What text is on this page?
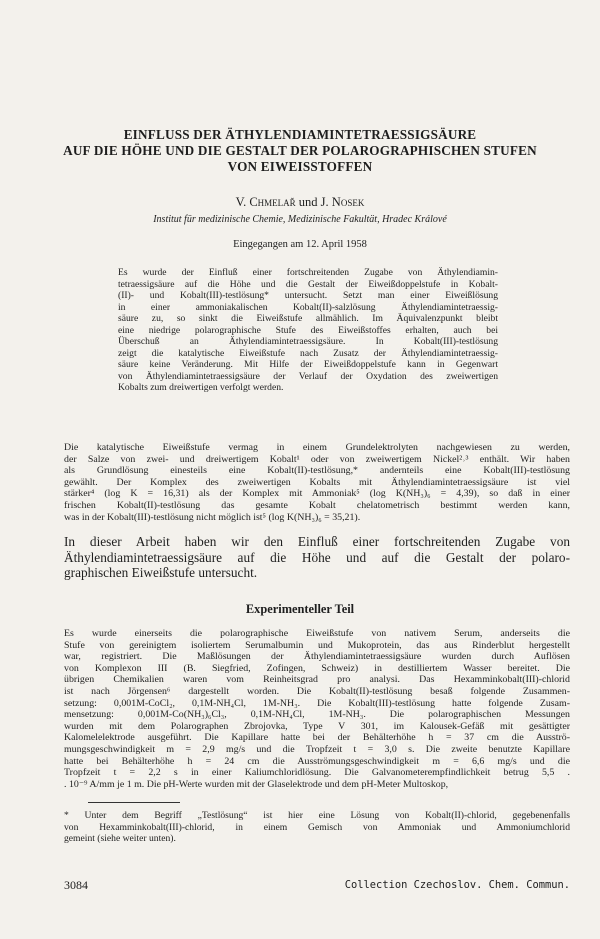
EINFLUSS DER ÄTHYLENDIAMINTETRAESSIGSÄURE
AUF DIE HÖHE UND DIE GESTALT DER POLAROGRAPHISCHEN STUFEN
VON EIWEISSTOFFEN
V. Chmelař und J. Nosek
Institut für medizinische Chemie, Medizinische Fakultät, Hradec Králové
Eingegangen am 12. April 1958
Es wurde der Einfluß einer fortschreitenden Zugabe von Äthylendiamin-
tetraessigsäure auf die Höhe und die Gestalt der Eiweißdoppelstufe in Kobalt-
(II)- und Kobalt(III)-testlösung* untersucht. Setzt man einer Eiweißlösung
in einer ammoniakalischen Kobalt(II)-salzlösung Äthylendiamintetraessig-
säure zu, so sinkt die Eiweißstufe allmählich. Im Äquivalenzpunkt bleibt
eine niedrige polarographische Stufe des Eiweißstoffes erhalten, auch bei
Überschuß an Äthylendiamintetraessigsäure. In Kobalt(III)-testlösung
zeigt die katalytische Eiweißstufe nach Zusatz der Äthylendiamintetraessig-
säure keine Veränderung. Mit Hilfe der Eiweißdoppelstufe kann in Gegenwart
von Äthylendiamintetraessigsäure der Verlauf der Oxydation des zweiwertigen
Kobalts zum dreiwertigen verfolgt werden.
Die katalytische Eiweißstufe vermag in einem Grundelektrolyten nachgewiesen zu werden,
der Salze von zwei- und dreiwertigem Kobalt¹ oder von zweiwertigem Nickel²˒³ enthält. Wir haben
als Grundlösung einesteils eine Kobalt(II)-testlösung,* andernteils eine Kobalt(III)-testlösung
gewählt. Der Komplex des zweiwertigen Kobalts mit Äthylendiamintetraessigsäure ist viel
stärker⁴ (log K = 16,31) als der Komplex mit Ammoniak⁵ (log K(NH₃)₆ = 4,39), so daß in einer
frischen Kobalt(II)-testlösung das gesamte Kobalt chelatometrisch bestimmt werden kann,
was in der Kobalt(III)-testlösung nicht möglich ist⁵ (log K(NH₃)₆ = 35,21).
In dieser Arbeit haben wir den Einfluß einer fortschreitenden Zugabe von
Äthylendiamintetraessigsäure auf die Höhe und auf die Gestalt der polaro-
graphischen Eiweißstufe untersucht.
Experimenteller Teil
Es wurde einerseits die polarographische Eiweißstufe von nativem Serum, anderseits die
Stufe von gereinigtem isoliertem Serumalbumin und Mukoprotein, das aus Rinderblut hergestellt
war, registriert. Die Maßlösungen der Äthylendiamintetraessigsäure wurden durch Auflösen
von Komplexon III (B. Siegfried, Zofingen, Schweiz) in destilliertem Wasser bereitet. Die
übrigen Chemikalien waren vom Reinheitsgrad pro analysi. Das Hexamminkobalt(III)-chlorid
ist nach Jörgensen⁶ dargestellt worden. Die Kobalt(II)-testlösung besaß folgende Zusammen-
setzung: 0,001M-CoCl₂, 0,1M-NH₄Cl, 1M-NH₃. Die Kobalt(III)-testlösung hatte folgende Zusam-
mensetzung: 0,001M-Co(NH₃)₆Cl₃, 0,1M-NH₄Cl, 1M-NH₃. Die polarographischen Messungen
wurden mit dem Polarographen Zbrojovka, Type V 301, im Kalousek-Gefäß mit gesättigter
Kalomelelektrode ausgeführt. Die Kapillare hatte bei der Behälterhöhe h = 37 cm die Ausströ-
mungsgeschwindigkeit m = 2,9 mg/s und die Tropfzeit t = 3,0 s. Die zweite benutzte Kapillare
hatte bei Behälterhöhe h = 24 cm die Ausströmungsgeschwindigkeit m = 6,6 mg/s und die
Tropfzeit t = 2,2 s in einer Kaliumchloridlösung. Die Galvanometerempfindlichkeit betrug 5,5 .
. 10⁻⁹ A/mm je 1 m. Die pH-Werte wurden mit der Glaselektrode und dem pH-Meter Multoskop,
* Unter dem Begriff „Testlösung“ ist hier eine Lösung von Kobalt(II)-chlorid, gegebenenfalls
von Hexamminkobalt(III)-chlorid, in einem Gemisch von Ammoniak und Ammoniumchlorid
gemeint (siehe weiter unten).
3084	Collection Czechoslov. Chem. Commun.
